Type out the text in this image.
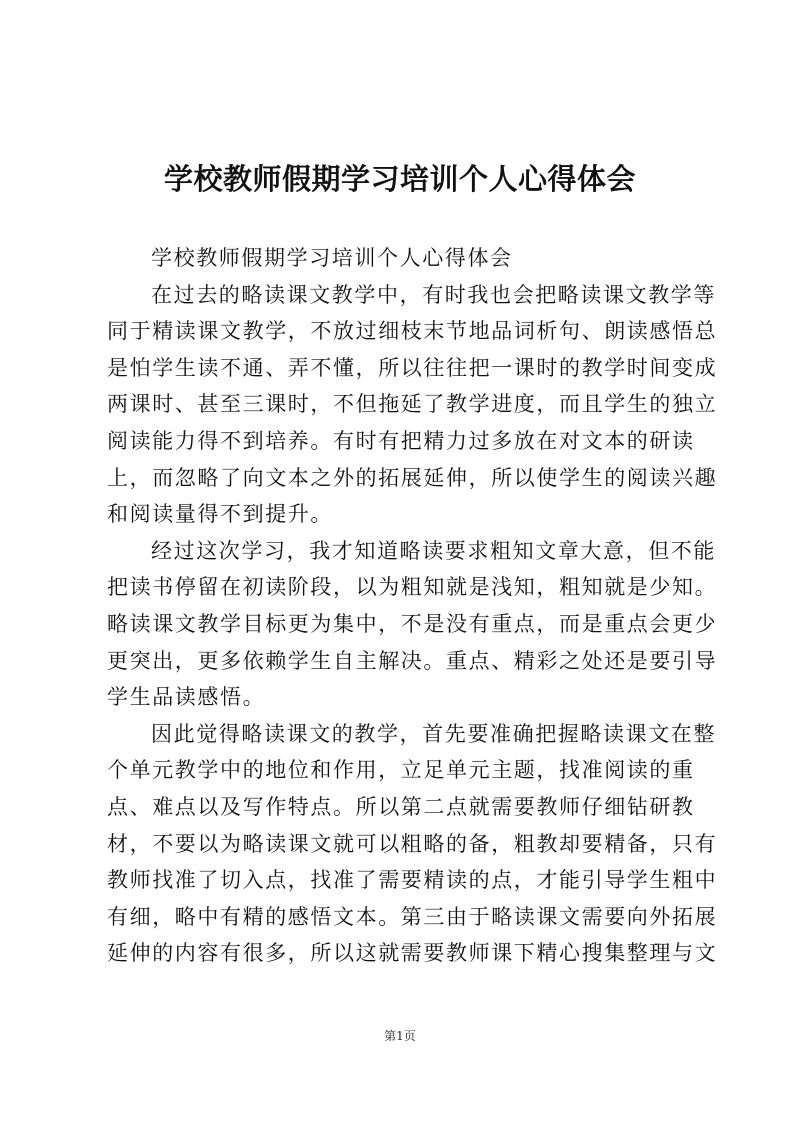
学校教师假期学习培训个人心得体会
学校教师假期学习培训个人心得体会
在过去的略读课文教学中，有时我也会把略读课文教学等
同于精读课文教学，不放过细枝末节地品词析句、朗读感悟总
是怕学生读不通、弄不懂，所以往往把一课时的教学时间变成
两课时、甚至三课时，不但拖延了教学进度，而且学生的独立
阅读能力得不到培养。有时有把精力过多放在对文本的研读
上，而忽略了向文本之外的拓展延伸，所以使学生的阅读兴趣
和阅读量得不到提升。
经过这次学习，我才知道略读要求粗知文章大意，但不能
把读书停留在初读阶段，以为粗知就是浅知，粗知就是少知。
略读课文教学目标更为集中，不是没有重点，而是重点会更少
更突出，更多依赖学生自主解决。重点、精彩之处还是要引导
学生品读感悟。
因此觉得略读课文的教学，首先要准确把握略读课文在整
个单元教学中的地位和作用，立足单元主题，找准阅读的重
点、难点以及写作特点。所以第二点就需要教师仔细钻研教
材，不要以为略读课文就可以粗略的备，粗教却要精备，只有
教师找准了切入点，找准了需要精读的点，才能引导学生粗中
有细，略中有精的感悟文本。第三由于略读课文需要向外拓展
延伸的内容有很多，所以这就需要教师课下精心搜集整理与文
第1页
